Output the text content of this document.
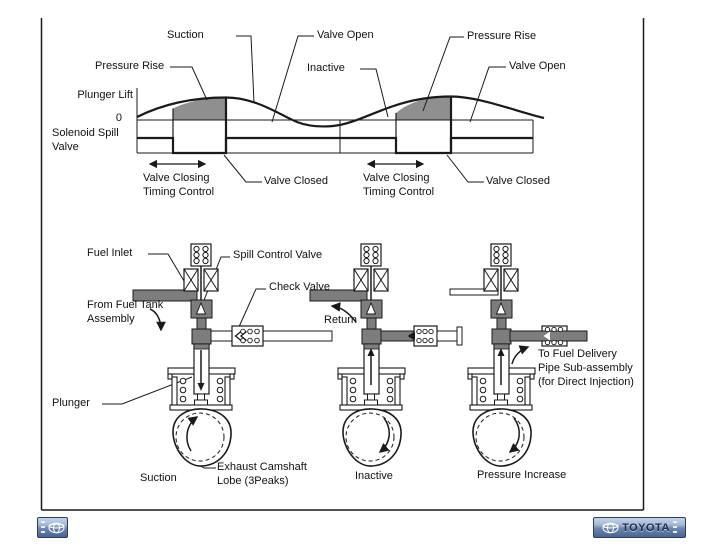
Plunger Lift
0
Solenoid Spill
Valve
Suction	Valve Open	Pressure Rise
Pressure Rise	Inactive	Valve Open
Valve Closing
Timing Control
Valve Closed	Valve Closing
Timing Control
Valve Closed
Fuel Inlet	Spill Control Valve
Check Valve
From Fuel Tank
Assembly
Plunger
Return
To Fuel Delivery
Pipe Sub-assembly
(for Direct Injection)
Exhaust Camshaft
Lobe (3Peaks)
Suction	Inactive	Pressure Increase
TOYOTA
